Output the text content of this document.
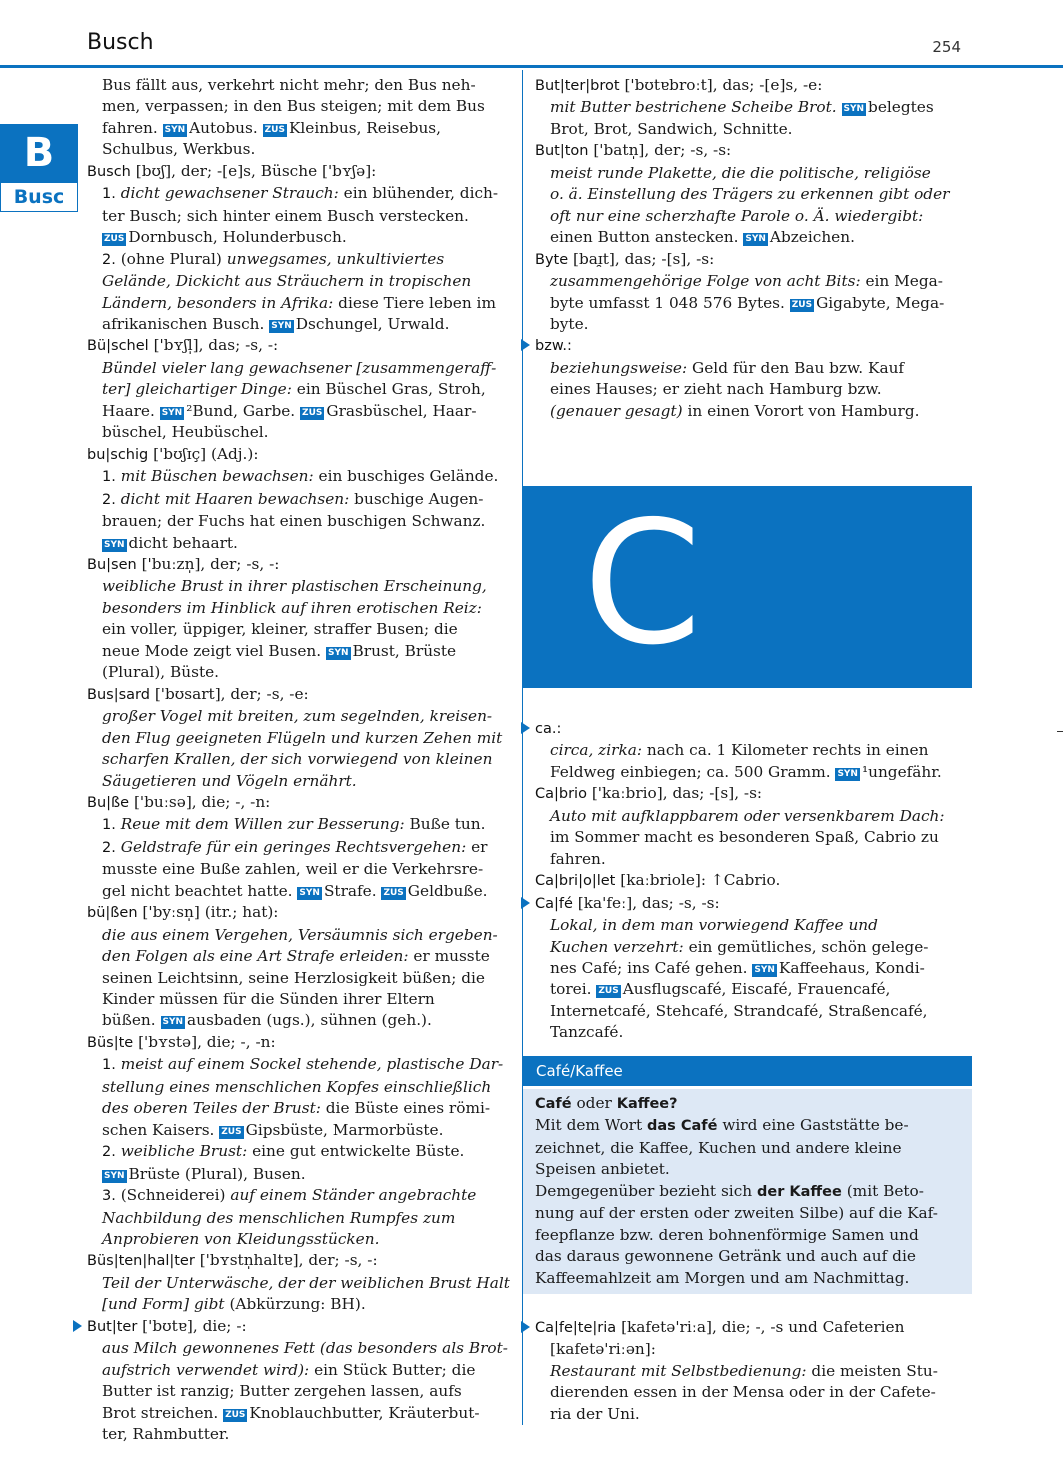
Busch	254
B
Busc
Bus fällt aus, verkehrt nicht mehr; den Bus neh-
men, verpassen; in den Bus steigen; mit dem Bus
fahren. SYN Autobus. ZUS Kleinbus, Reisebus,
Schulbus, Werkbus.
Busch [bʊʃ], der; -[e]s, Büsche ['bʏʃə]:
1. dicht gewachsener Strauch: ein blühender, dich-
ter Busch; sich hinter einem Busch verstecken.
ZUS Dornbusch, Holunderbusch.
2. (ohne Plural) unwegsames, unkultiviertes
Gelände, Dickicht aus Sträuchern in tropischen
Ländern, besonders in Afrika: diese Tiere leben im
afrikanischen Busch. SYN Dschungel, Urwald.
Bü|schel ['bʏʃl̩], das; -s, -:
Bündel vieler lang gewachsener [zusammengeraff-
ter] gleichartiger Dinge: ein Büschel Gras, Stroh,
Haare. SYN ²Bund, Garbe. ZUS Grasbüschel, Haar-
büschel, Heubüschel.
bu|schig ['bʊʃɪç] (Adj.):
1. mit Büschen bewachsen: ein buschiges Gelände.
2. dicht mit Haaren bewachsen: buschige Augen-
brauen; der Fuchs hat einen buschigen Schwanz.
SYN dicht behaart.
Bu|sen ['buːzn̩], der; -s, -:
weibliche Brust in ihrer plastischen Erscheinung,
besonders im Hinblick auf ihren erotischen Reiz:
ein voller, üppiger, kleiner, straffer Busen; die
neue Mode zeigt viel Busen. SYN Brust, Brüste
(Plural), Büste.
Bus|sard ['bʊsart], der; -s, -e:
großer Vogel mit breiten, zum segelnden, kreisen-
den Flug geeigneten Flügeln und kurzen Zehen mit
scharfen Krallen, der sich vorwiegend von kleinen
Säugetieren und Vögeln ernährt.
Bu|ße ['buːsə], die; -, -n:
1. Reue mit dem Willen zur Besserung: Buße tun.
2. Geldstrafe für ein geringes Rechtsvergehen: er
musste eine Buße zahlen, weil er die Verkehrsre-
gel nicht beachtet hatte. SYN Strafe. ZUS Geldbuße.
bü|ßen ['byːsn̩] (itr.; hat):
die aus einem Vergehen, Versäumnis sich ergeben-
den Folgen als eine Art Strafe erleiden: er musste
seinen Leichtsinn, seine Herzlosigkeit büßen; die
Kinder müssen für die Sünden ihrer Eltern
büßen. SYN ausbaden (ugs.), sühnen (geh.).
Büs|te ['bʏstə], die; -, -n:
1. meist auf einem Sockel stehende, plastische Dar-
stellung eines menschlichen Kopfes einschließlich
des oberen Teiles der Brust: die Büste eines römi-
schen Kaisers. ZUS Gipsbüste, Marmorbüste.
2. weibliche Brust: eine gut entwickelte Büste.
SYN Brüste (Plural), Busen.
3. (Schneiderei) auf einem Ständer angebrachte
Nachbildung des menschlichen Rumpfes zum
Anprobieren von Kleidungsstücken.
Büs|ten|hal|ter ['bʏstn̩haltɐ], der; -s, -:
Teil der Unterwäsche, der der weiblichen Brust Halt
[und Form] gibt (Abkürzung: BH).
But|ter ['bʊtɐ], die; -:
aus Milch gewonnenes Fett (das besonders als Brot-
aufstrich verwendet wird): ein Stück Butter; die
Butter ist ranzig; Butter zergehen lassen, aufs
Brot streichen. ZUS Knoblauchbutter, Kräuterbut-
ter, Rahmbutter.
But|ter|brot ['bʊtɐbroːt], das; -[e]s, -e:
mit Butter bestrichene Scheibe Brot. SYN belegtes
Brot, Brot, Sandwich, Schnitte.
But|ton ['batn̩], der; -s, -s:
meist runde Plakette, die die politische, religiöse
o. ä. Einstellung des Trägers zu erkennen gibt oder
oft nur eine scherzhafte Parole o. Ä. wiedergibt:
einen Button anstecken. SYN Abzeichen.
Byte [baɪ̯t], das; -[s], -s:
zusammengehörige Folge von acht Bits: ein Mega-
byte umfasst 1 048 576 Bytes. ZUS Gigabyte, Mega-
byte.
bzw.:
beziehungsweise: Geld für den Bau bzw. Kauf
eines Hauses; er zieht nach Hamburg bzw.
(genauer gesagt) in einen Vorort von Hamburg.
C
ca.:
circa, zirka: nach ca. 1 Kilometer rechts in einen
Feldweg einbiegen; ca. 500 Gramm. SYN ¹ungefähr.
Ca|brio ['kaːbrio], das; -[s], -s:
Auto mit aufklappbarem oder versenkbarem Dach:
im Sommer macht es besonderen Spaß, Cabrio zu
fahren.
Ca|bri|o|let [kaːbriole]: ↑Cabrio.
Ca|fé [ka'feː], das; -s, -s:
Lokal, in dem man vorwiegend Kaffee und
Kuchen verzehrt: ein gemütliches, schön gelege-
nes Café; ins Café gehen. SYN Kaffeehaus, Kondi-
torei. ZUS Ausflugscafé, Eiscafé, Frauencafé,
Internetcafé, Stehcafé, Strandcafé, Straßencafé,
Tanzcafé.
Café/Kaffee
Café oder Kaffee?
Mit dem Wort das Café wird eine Gaststätte be-
zeichnet, die Kaffee, Kuchen und andere kleine
Speisen anbietet.
Demgegenüber bezieht sich der Kaffee (mit Beto-
nung auf der ersten oder zweiten Silbe) auf die Kaf-
feepflanze bzw. deren bohnenförmige Samen und
das daraus gewonnene Getränk und auch auf die
Kaffeemahlzeit am Morgen und am Nachmittag.
Ca|fe|te|ria [kafetə'riːa], die; -, -s und Cafeterien
[kafetə'riːən]:
Restaurant mit Selbstbedienung: die meisten Stu-
dierenden essen in der Mensa oder in der Cafete-
ria der Uni.
